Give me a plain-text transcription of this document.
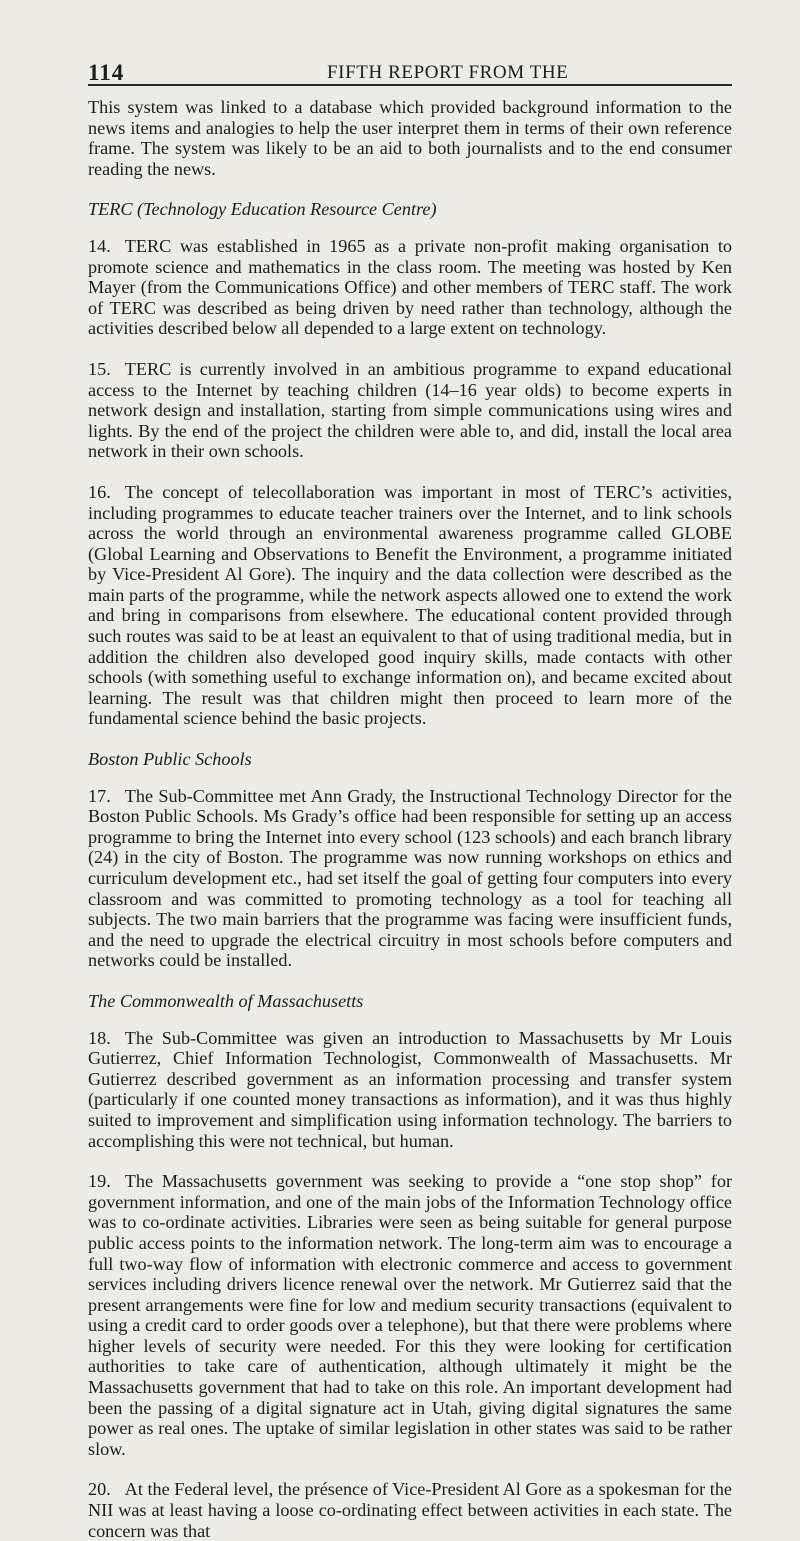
114	FIFTH REPORT FROM THE

This system was linked to a database which provided background information to the news items and analogies to help the user interpret them in terms of their own reference frame. The system was likely to be an aid to both journalists and to the end consumer reading the news.

TERC (Technology Education Resource Centre)

14. TERC was established in 1965 as a private non-profit making organisation to promote science and mathematics in the class room. The meeting was hosted by Ken Mayer (from the Communications Office) and other members of TERC staff. The work of TERC was described as being driven by need rather than technology, although the activities described below all depended to a large extent on technology.

15. TERC is currently involved in an ambitious programme to expand educational access to the Internet by teaching children (14–16 year olds) to become experts in network design and installation, starting from simple communications using wires and lights. By the end of the project the children were able to, and did, install the local area network in their own schools.

16. The concept of telecollaboration was important in most of TERC’s activities, including programmes to educate teacher trainers over the Internet, and to link schools across the world through an environmental awareness programme called GLOBE (Global Learning and Observations to Benefit the Environment, a programme initiated by Vice-President Al Gore). The inquiry and the data collection were described as the main parts of the programme, while the network aspects allowed one to extend the work and bring in comparisons from elsewhere. The educational content provided through such routes was said to be at least an equivalent to that of using traditional media, but in addition the children also developed good inquiry skills, made contacts with other schools (with something useful to exchange information on), and became excited about learning. The result was that children might then proceed to learn more of the fundamental science behind the basic projects.

Boston Public Schools

17. The Sub-Committee met Ann Grady, the Instructional Technology Director for the Boston Public Schools. Ms Grady’s office had been responsible for setting up an access programme to bring the Internet into every school (123 schools) and each branch library (24) in the city of Boston. The programme was now running workshops on ethics and curriculum development etc., had set itself the goal of getting four computers into every classroom and was committed to promoting technology as a tool for teaching all subjects. The two main barriers that the programme was facing were insufficient funds, and the need to upgrade the electrical circuitry in most schools before computers and networks could be installed.

The Commonwealth of Massachusetts

18. The Sub-Committee was given an introduction to Massachusetts by Mr Louis Gutierrez, Chief Information Technologist, Commonwealth of Massachusetts. Mr Gutierrez described government as an information processing and transfer system (particularly if one counted money transactions as information), and it was thus highly suited to improvement and simplification using information technology. The barriers to accomplishing this were not technical, but human.

19. The Massachusetts government was seeking to provide a “one stop shop” for government information, and one of the main jobs of the Information Technology office was to co-ordinate activities. Libraries were seen as being suitable for general purpose public access points to the information network. The long-term aim was to encourage a full two-way flow of information with electronic commerce and access to government services including drivers licence renewal over the network. Mr Gutierrez said that the present arrangements were fine for low and medium security transactions (equivalent to using a credit card to order goods over a telephone), but that there were problems where higher levels of security were needed. For this they were looking for certification authorities to take care of authentication, although ultimately it might be the Massachusetts government that had to take on this role. An important development had been the passing of a digital signature act in Utah, giving digital signatures the same power as real ones. The uptake of similar legislation in other states was said to be rather slow.

20. At the Federal level, the présence of Vice-President Al Gore as a spokesman for the NII was at least having a loose co-ordinating effect between activities in each state. The concern was that
